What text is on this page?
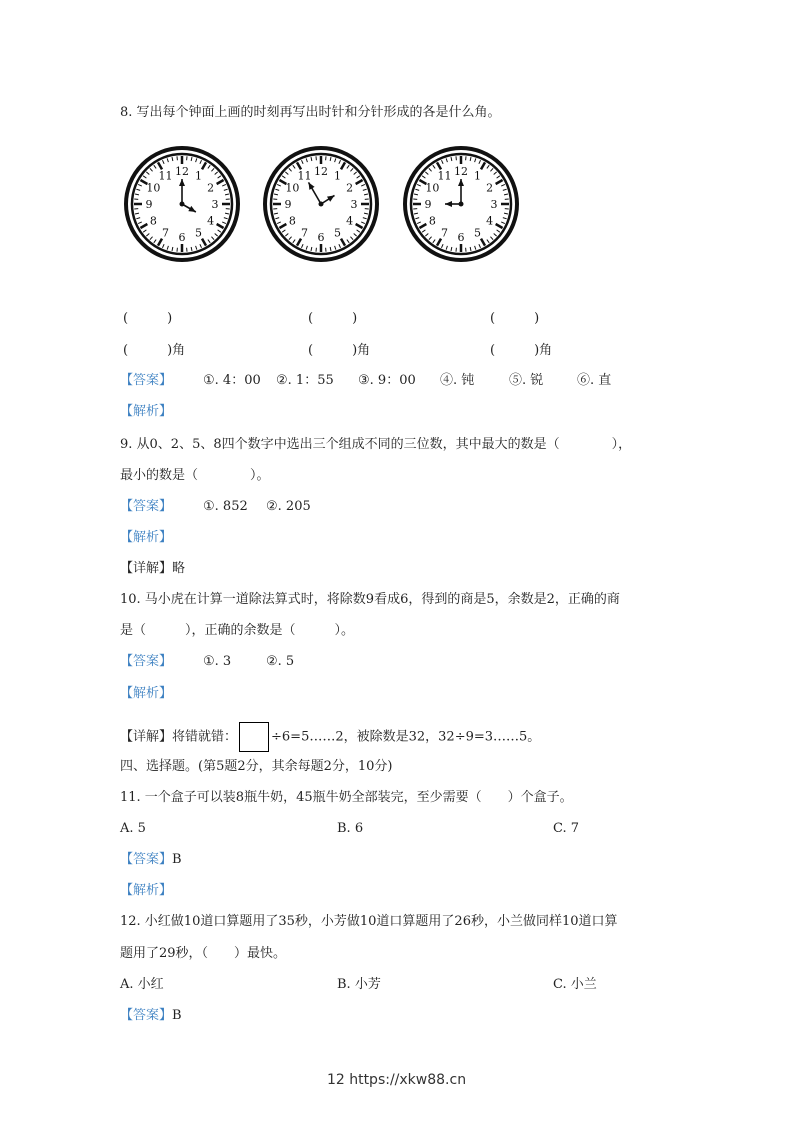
8. 写出每个钟面上画的时刻再写出时针和分针形成的各是什么角。
1
2
3
4
5
6
7
8
9
10
11 12	1
2
3
4
5
6
7
8
9
10
11 12	1
2
3
4
5
6
7
8
9
10
11 12
(　　　)	(　　　)	(　　　)
(　　　)角	(　　　)角	(　　　)角
【答案】 ①. 4：00 ②. 1：55 ③. 9：00 ④. 钝	⑤. 锐	⑥. 直
【解析】
9. 从0、2、5、8四个数字中选出三个组成不同的三位数，其中最大的数是（　　　　），
最小的数是（　　　　）。
【答案】 ①. 852 ②. 205
【解析】
【详解】略
10. 马小虎在计算一道除法算式时，将除数9看成6，得到的商是5，余数是2，正确的商
是（　　　），正确的余数是（　　　）。
【答案】 ①. 3	②. 5
【解析】
【详解】将错就错：	÷6=5……2，被除数是32，32÷9=3……5。
四、选择题。(第5题2分，其余每题2分，10分)
11. 一个盒子可以装8瓶牛奶，45瓶牛奶全部装完，至少需要（　　）个盒子。
A. 5	B. 6	C. 7
【答案】B
【解析】
12. 小红做10道口算题用了35秒，小芳做10道口算题用了26秒，小兰做同样10道口算
题用了29秒，（　　）最快。
A. 小红	B. 小芳	C. 小兰
【答案】B
12 https://xkw88.cn
